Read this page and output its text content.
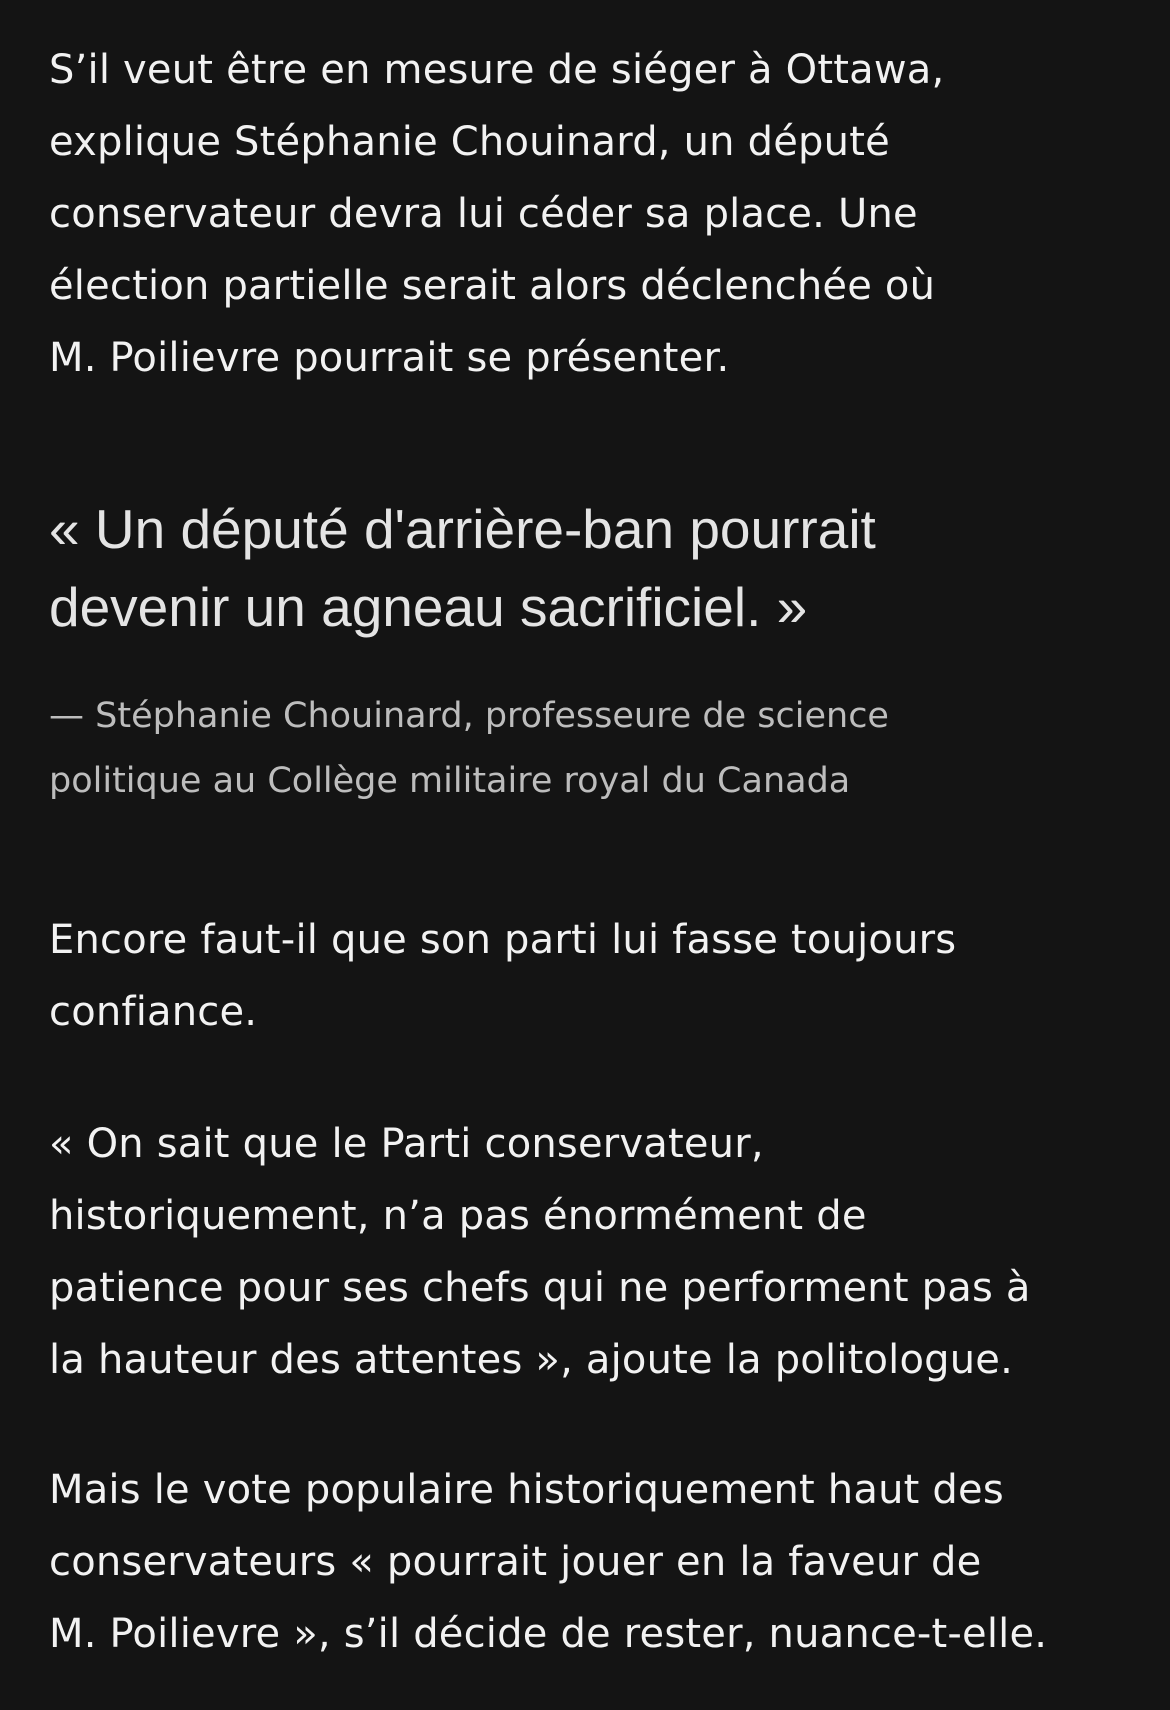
S’il veut être en mesure de siéger à Ottawa,
explique Stéphanie Chouinard, un député
conservateur devra lui céder sa place. Une
élection partielle serait alors déclenchée où
M. Poilievre pourrait se présenter.

« Un député d'arrière-ban pourrait
devenir un agneau sacrificiel. »

— Stéphanie Chouinard, professeure de science
politique au Collège militaire royal du Canada

Encore faut-il que son parti lui fasse toujours
confiance.

« On sait que le Parti conservateur,
historiquement, n’a pas énormément de
patience pour ses chefs qui ne performent pas à
la hauteur des attentes », ajoute la politologue.

Mais le vote populaire historiquement haut des
conservateurs « pourrait jouer en la faveur de
M. Poilievre », s’il décide de rester, nuance-t-elle.
